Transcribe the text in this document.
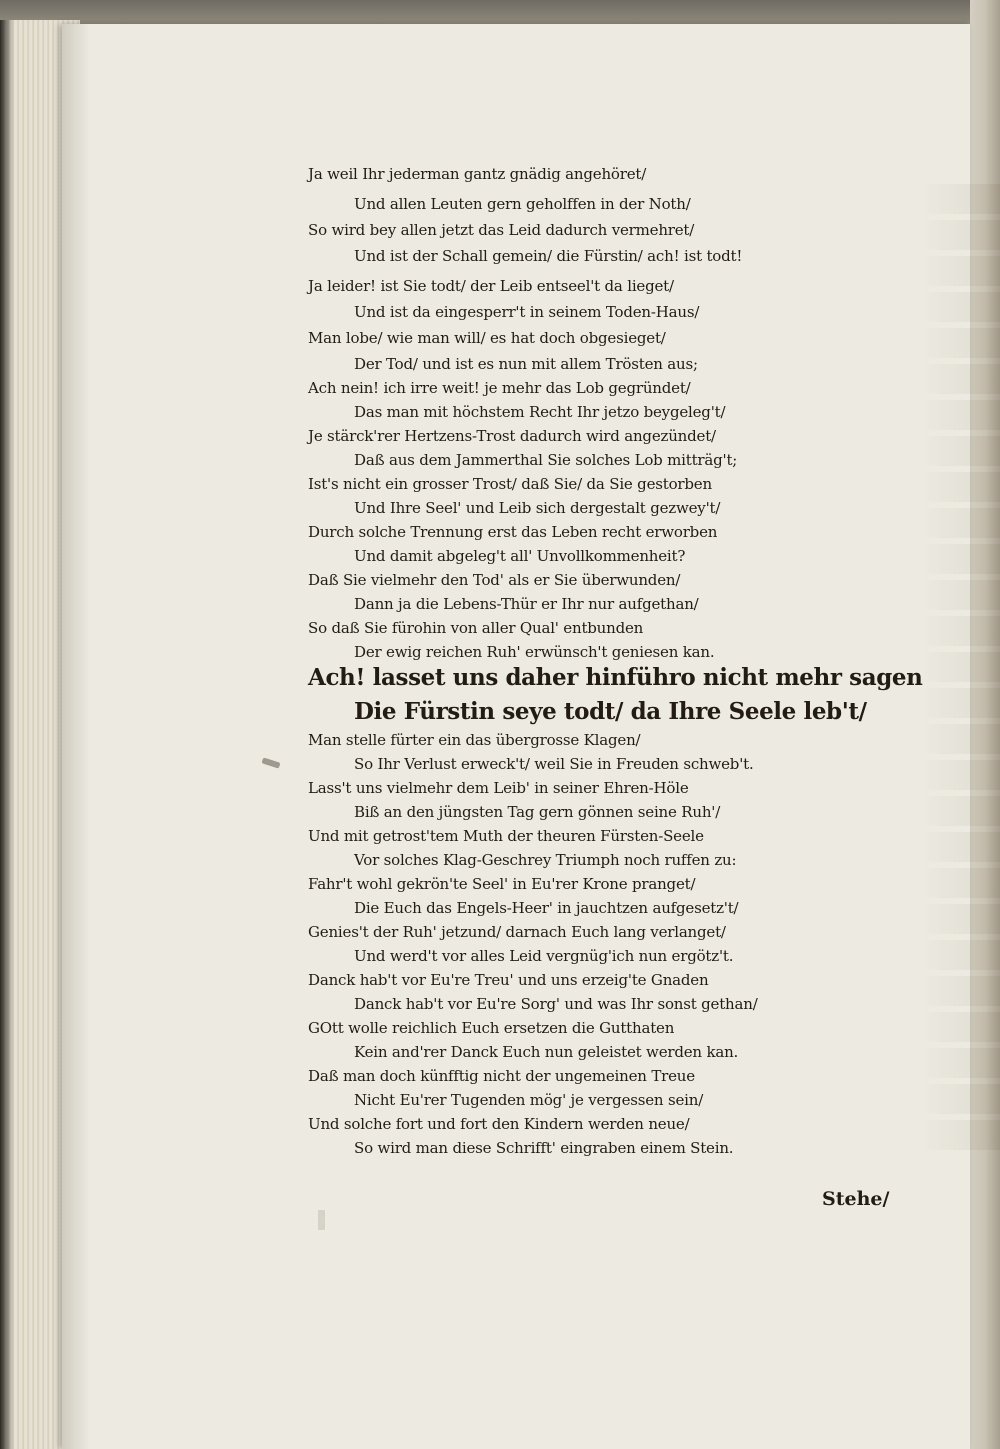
Ja weil Ihr jederman gantz gnädig angehöret/
Und allen Leuten gern geholffen in der Noth/
So wird bey allen jetzt das Leid dadurch vermehret/
Und ist der Schall gemein/ die Fürstin/ ach! ist todt!
Ja leider! ist Sie todt/ der Leib entseel't da lieget/
Und ist da eingesperr't in seinem Toden-Haus/
Man lobe/ wie man will/ es hat doch obgesieget/
Der Tod/ und ist es nun mit allem Trösten aus;
Ach nein! ich irre weit! je mehr das Lob gegründet/
Das man mit höchstem Recht Ihr jetzo beygeleg't/
Je stärck'rer Hertzens-Trost dadurch wird angezündet/
Daß aus dem Jammerthal Sie solches Lob mitträg't;
Ist's nicht ein grosser Trost/ daß Sie/ da Sie gestorben
Und Ihre Seel' und Leib sich dergestalt gezwey't/
Durch solche Trennung erst das Leben recht erworben
Und damit abgeleg't all' Unvollkommenheit?
Daß Sie vielmehr den Tod' als er Sie überwunden/
Dann ja die Lebens-Thür er Ihr nur aufgethan/
So daß Sie fürohin von aller Qual' entbunden
Der ewig reichen Ruh' erwünsch't geniesen kan.
Ach! lasset uns daher hinführo nicht mehr sagen
Die Fürstin seye todt/ da Ihre Seele leb't/
Man stelle fürter ein das übergrosse Klagen/
So Ihr Verlust erweck't/ weil Sie in Freuden schweb't.
Lass't uns vielmehr dem Leib' in seiner Ehren-Höle
Biß an den jüngsten Tag gern gönnen seine Ruh'/
Und mit getrost'tem Muth der theuren Fürsten-Seele
Vor solches Klag-Geschrey Triumph noch ruffen zu:
Fahr't wohl gekrön'te Seel' in Eu'rer Krone pranget/
Die Euch das Engels-Heer' in jauchtzen aufgesetz't/
Genies't der Ruh' jetzund/ darnach Euch lang verlanget/
Und werd't vor alles Leid vergnüg'ich nun ergötz't.
Danck hab't vor Eu're Treu' und uns erzeig'te Gnaden
Danck hab't vor Eu're Sorg' und was Ihr sonst gethan/
GOtt wolle reichlich Euch ersetzen die Gutthaten
Kein and'rer Danck Euch nun geleistet werden kan.
Daß man doch künfftig nicht der ungemeinen Treue
Nicht Eu'rer Tugenden mög' je vergessen sein/
Und solche fort und fort den Kindern werden neue/
So wird man diese Schrifft' eingraben einem Stein.
Stehe/
